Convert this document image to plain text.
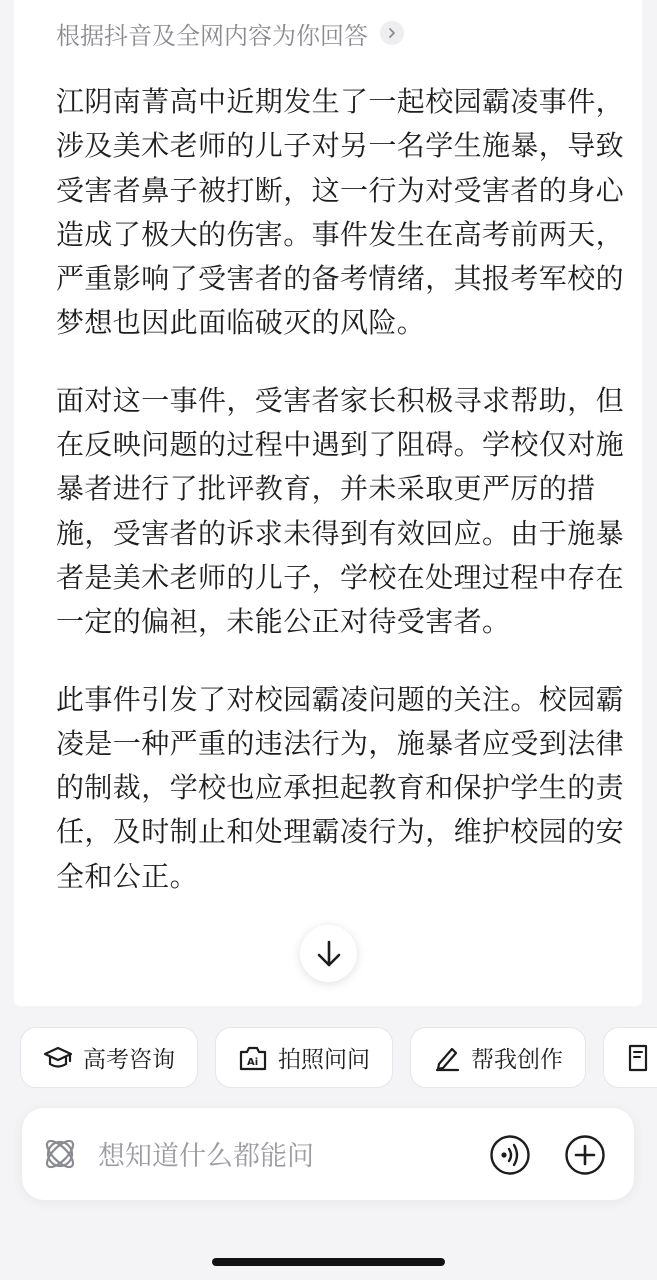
根据抖音及全网内容为你回答

江阴南菁高中近期发生了一起校园霸凌事件，涉及美术老师的儿子对另一名学生施暴，导致受害者鼻子被打断，这一行为对受害者的身心造成了极大的伤害。事件发生在高考前两天，严重影响了受害者的备考情绪，其报考军校的梦想也因此面临破灭的风险。

面对这一事件，受害者家长积极寻求帮助，但在反映问题的过程中遇到了阻碍。学校仅对施暴者进行了批评教育，并未采取更严厉的措施，受害者的诉求未得到有效回应。由于施暴者是美术老师的儿子，学校在处理过程中存在一定的偏袒，未能公正对待受害者。

此事件引发了对校园霸凌问题的关注。校园霸凌是一种严重的违法行为，施暴者应受到法律的制裁，学校也应承担起教育和保护学生的责任，及时制止和处理霸凌行为，维护校园的安全和公正。

高考咨询	Ai 拍照问问	帮我创作
想知道什么都能问
